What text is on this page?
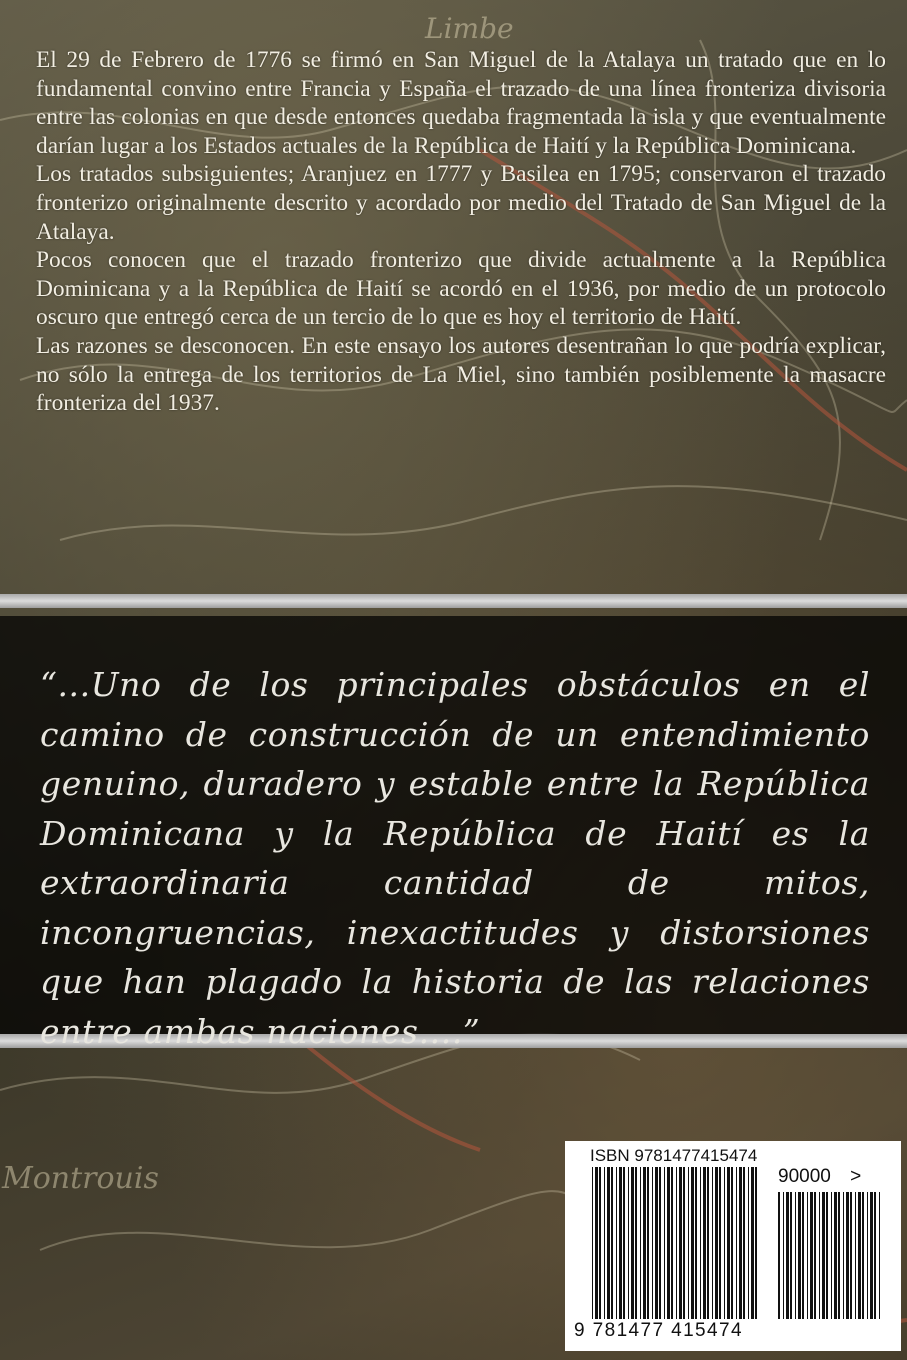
Limbe
Montrouis

El 29 de Febrero de 1776 se firmó en San Miguel de la Atalaya un tratado que en lo fundamental convino entre Francia y España el trazado de una línea fronteriza divisoria entre las colonias en que desde entonces quedaba fragmentada la isla y que eventualmente darían lugar a los Estados actuales de la República de Haití y la República Dominicana.

Los tratados subsiguientes; Aranjuez en 1777 y Basilea en 1795; conservaron el trazado fronterizo originalmente descrito y acordado por medio del Tratado de San Miguel de la Atalaya.

Pocos conocen que el trazado fronterizo que divide actualmente a la República Dominicana y a la República de Haití se acordó en el 1936, por medio de un protocolo oscuro que entregó cerca de un tercio de lo que es hoy el territorio de Haití.

Las razones se desconocen. En este ensayo los autores desentrañan lo que podría explicar, no sólo la entrega de los territorios de La Miel, sino también posiblemente la masacre fronteriza del 1937.

“...Uno de los principales obstáculos en el camino de construcción de un entendimiento genuino, duradero y estable entre la República Dominicana y la República de Haití es la extraordinaria cantidad de mitos, incongruencias, inexactitudes y distorsiones que han plagado la historia de las relaciones entre ambas naciones....”

ISBN 9781477415474
90000 >
9 781477 415474
